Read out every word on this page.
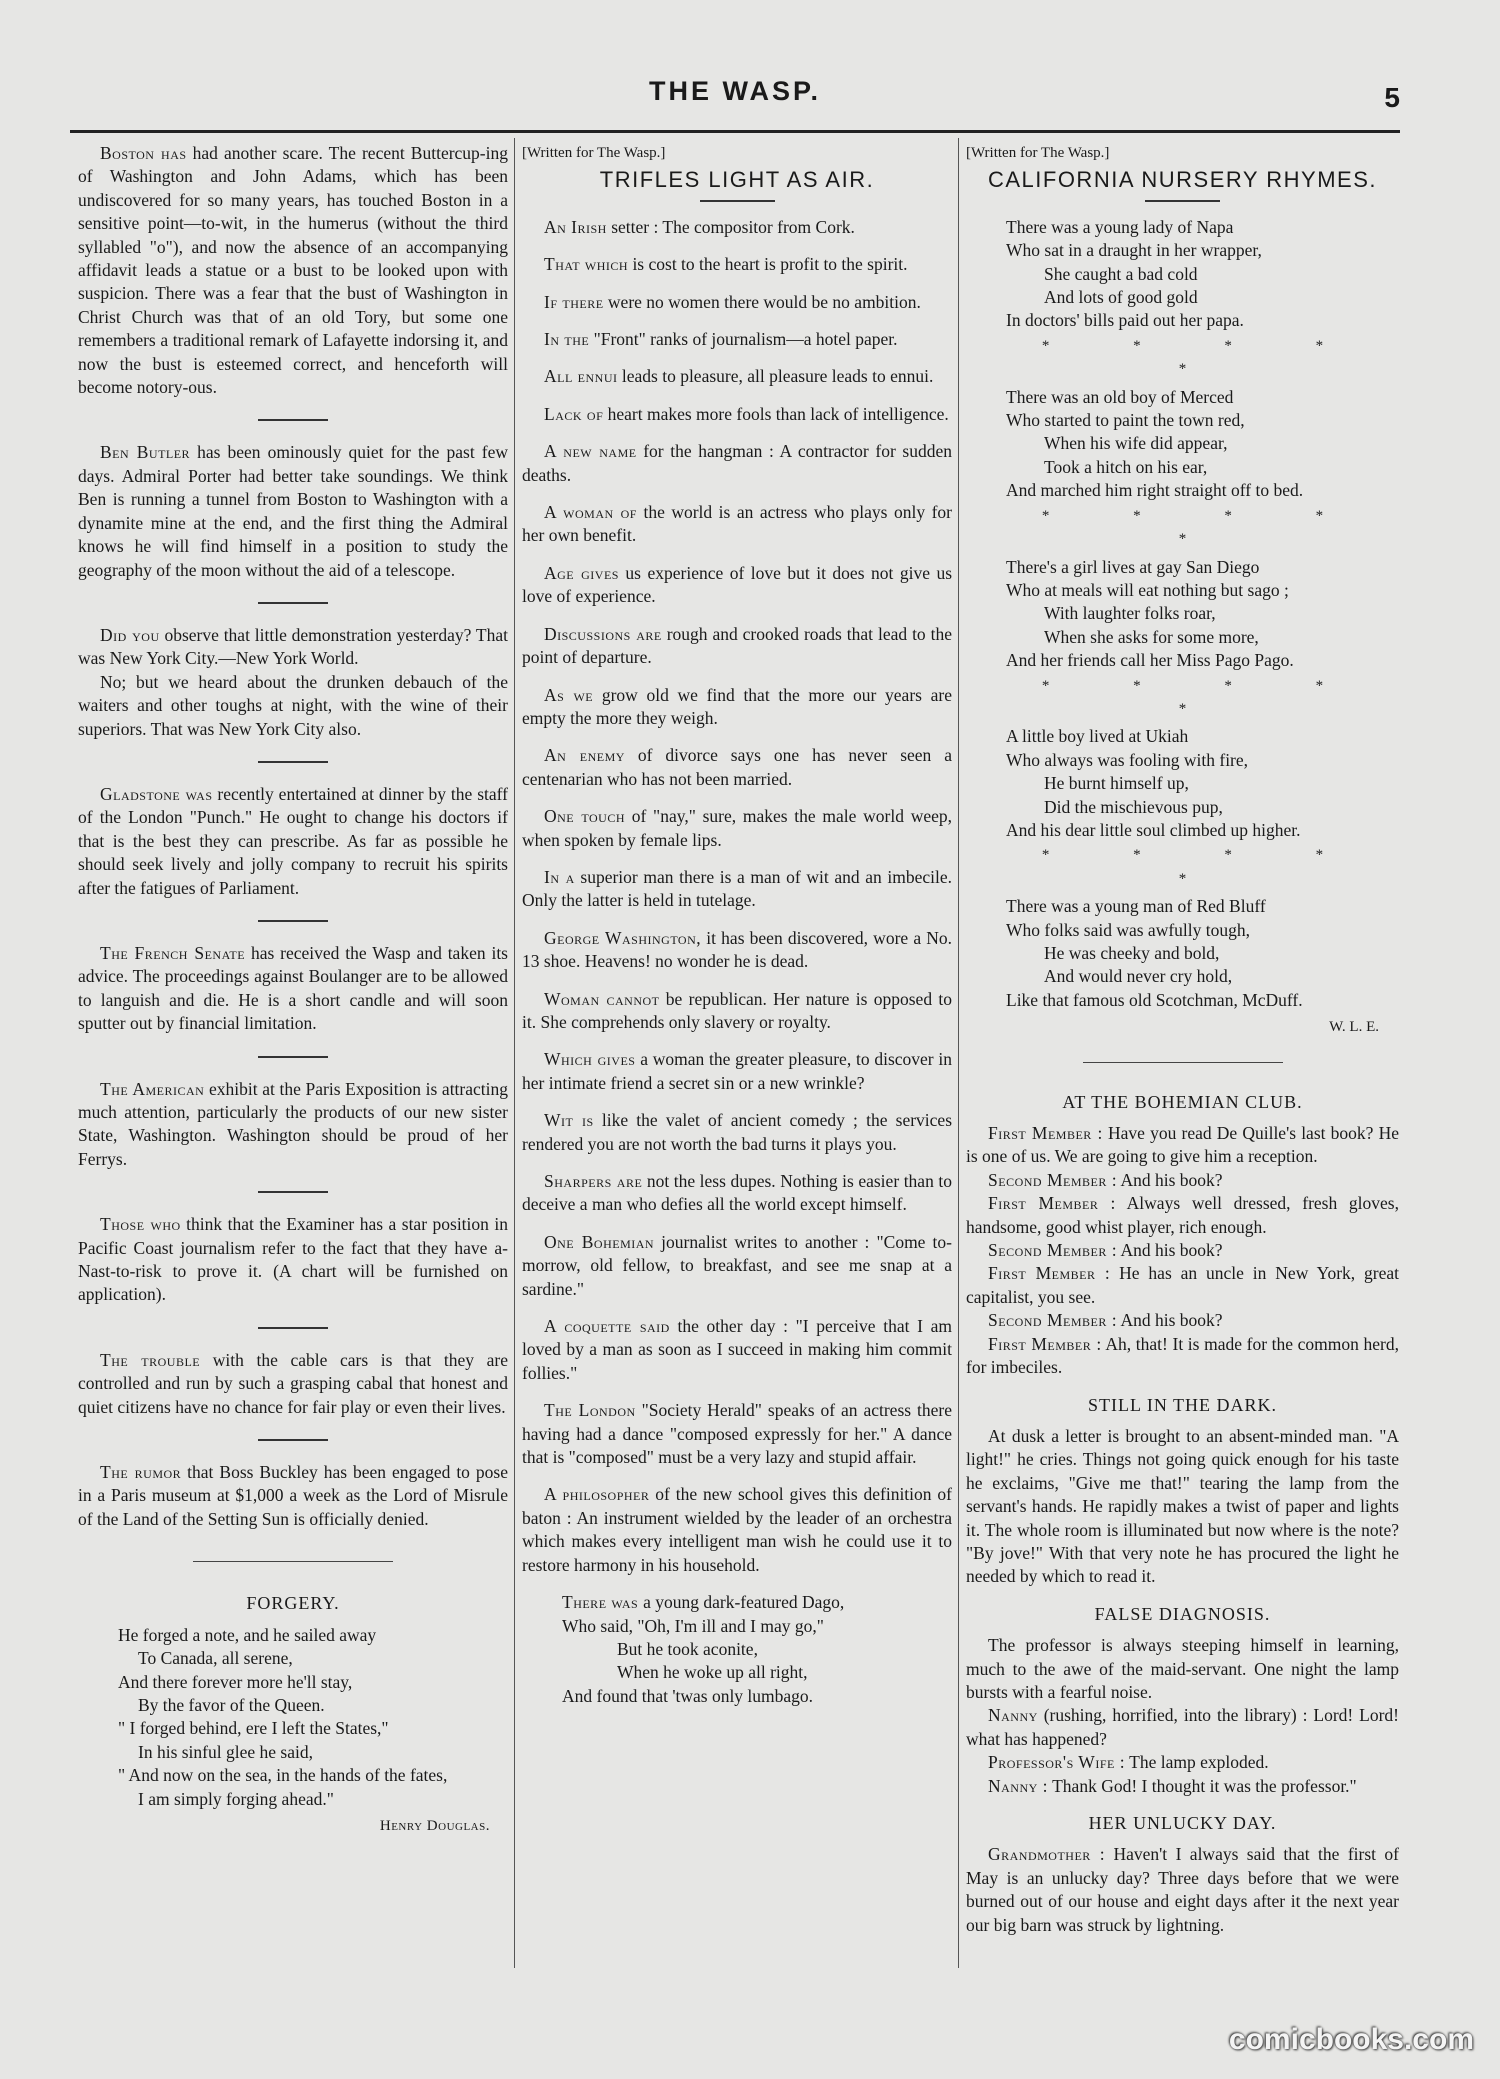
THE WASP.	5

Boston has had another scare. The recent Buttercup-ing of Washington and John Adams, which has been undiscovered for so many years, has touched Boston in a sensitive point—to-wit, in the humerus (without the third syllabled "o"), and now the absence of an accompanying affidavit leads a statue or a bust to be looked upon with suspicion. There was a fear that the bust of Washington in Christ Church was that of an old Tory, but some one remembers a traditional remark of Lafayette indorsing it, and now the bust is esteemed correct, and henceforth will become notory-ous.

Ben Butler has been ominously quiet for the past few days. Admiral Porter had better take soundings. We think Ben is running a tunnel from Boston to Washington with a dynamite mine at the end, and the first thing the Admiral knows he will find himself in a position to study the geography of the moon without the aid of a telescope.

Did you observe that little demonstration yesterday? That was New York City.—New York World.

No; but we heard about the drunken debauch of the waiters and other toughs at night, with the wine of their superiors. That was New York City also.

Gladstone was recently entertained at dinner by the staff of the London "Punch." He ought to change his doctors if that is the best they can prescribe. As far as possible he should seek lively and jolly company to recruit his spirits after the fatigues of Parliament.

The French Senate has received the Wasp and taken its advice. The proceedings against Boulanger are to be allowed to languish and die. He is a short candle and will soon sputter out by financial limitation.

The American exhibit at the Paris Exposition is attracting much attention, particularly the products of our new sister State, Washington. Washington should be proud of her Ferrys.

Those who think that the Examiner has a star position in Pacific Coast journalism refer to the fact that they have a-Nast-to-risk to prove it. (A chart will be furnished on application).

The trouble with the cable cars is that they are controlled and run by such a grasping cabal that honest and quiet citizens have no chance for fair play or even their lives.

The rumor that Boss Buckley has been engaged to pose in a Paris museum at $1,000 a week as the Lord of Misrule of the Land of the Setting Sun is officially denied.

FORGERY.
He forged a note, and he sailed away
To Canada, all serene,
And there forever more he'll stay,
By the favor of the Queen.
" I forged behind, ere I left the States,"
In his sinful glee he said,
" And now on the sea, in the hands of the fates,
I am simply forging ahead."
Henry Douglas.
[Written for The Wasp.]
TRIFLES LIGHT AS AIR.

An Irish setter : The compositor from Cork.

That which is cost to the heart is profit to the spirit.

If there were no women there would be no ambition.

In the "Front" ranks of journalism—a hotel paper.

All ennui leads to pleasure, all pleasure leads to ennui.

Lack of heart makes more fools than lack of intelligence.

A new name for the hangman : A contractor for sudden deaths.

A woman of the world is an actress who plays only for her own benefit.

Age gives us experience of love but it does not give us love of experience.

Discussions are rough and crooked roads that lead to the point of departure.

As we grow old we find that the more our years are empty the more they weigh.

An enemy of divorce says one has never seen a centenarian who has not been married.

One touch of "nay," sure, makes the male world weep, when spoken by female lips.

In a superior man there is a man of wit and an imbecile. Only the latter is held in tutelage.

George Washington, it has been discovered, wore a No. 13 shoe. Heavens! no wonder he is dead.

Woman cannot be republican. Her nature is opposed to it. She comprehends only slavery or royalty.

Which gives a woman the greater pleasure, to discover in her intimate friend a secret sin or a new wrinkle?

Wit is like the valet of ancient comedy ; the services rendered you are not worth the bad turns it plays you.

Sharpers are not the less dupes. Nothing is easier than to deceive a man who defies all the world except himself.

One Bohemian journalist writes to another : "Come to-morrow, old fellow, to breakfast, and see me snap at a sardine."

A coquette said the other day : "I perceive that I am loved by a man as soon as I succeed in making him commit follies."

The London "Society Herald" speaks of an actress there having had a dance "composed expressly for her." A dance that is "composed" must be a very lazy and stupid affair.

A philosopher of the new school gives this definition of baton : An instrument wielded by the leader of an orchestra which makes every intelligent man wish he could use it to restore harmony in his household.

There was a young dark-featured Dago,
Who said, "Oh, I'm ill and I may go,"
But he took aconite,
When he woke up all right,
And found that 'twas only lumbago.
[Written for The Wasp.]
CALIFORNIA NURSERY RHYMES.
There was a young lady of Napa
Who sat in a draught in her wrapper,
She caught a bad cold
And lots of good gold
In doctors' bills paid out her papa.
* * * * *
There was an old boy of Merced
Who started to paint the town red,
When his wife did appear,
Took a hitch on his ear,
And marched him right straight off to bed.
* * * * *
There's a girl lives at gay San Diego
Who at meals will eat nothing but sago ;
With laughter folks roar,
When she asks for some more,
And her friends call her Miss Pago Pago.
* * * * *
A little boy lived at Ukiah
Who always was fooling with fire,
He burnt himself up,
Did the mischievous pup,
And his dear little soul climbed up higher.
* * * * *
There was a young man of Red Bluff
Who folks said was awfully tough,
He was cheeky and bold,
And would never cry hold,
Like that famous old Scotchman, McDuff.
W. L. E.
AT THE BOHEMIAN CLUB.

First Member : Have you read De Quille's last book? He is one of us. We are going to give him a reception.

Second Member : And his book?

First Member : Always well dressed, fresh gloves, handsome, good whist player, rich enough.

Second Member : And his book?

First Member : He has an uncle in New York, great capitalist, you see.

Second Member : And his book?

First Member : Ah, that! It is made for the common herd, for imbeciles.

STILL IN THE DARK.

At dusk a letter is brought to an absent-minded man. "A light!" he cries. Things not going quick enough for his taste he exclaims, "Give me that!" tearing the lamp from the servant's hands. He rapidly makes a twist of paper and lights it. The whole room is illuminated but now where is the note? "By jove!" With that very note he has procured the light he needed by which to read it.

FALSE DIAGNOSIS.

The professor is always steeping himself in learning, much to the awe of the maid-servant. One night the lamp bursts with a fearful noise.

Nanny (rushing, horrified, into the library) : Lord! Lord! what has happened?

Professor's Wife : The lamp exploded.

Nanny : Thank God! I thought it was the professor."

HER UNLUCKY DAY.

Grandmother : Haven't I always said that the first of May is an unlucky day? Three days before that we were burned out of our house and eight days after it the next year our big barn was struck by lightning.

comicbooks.com
